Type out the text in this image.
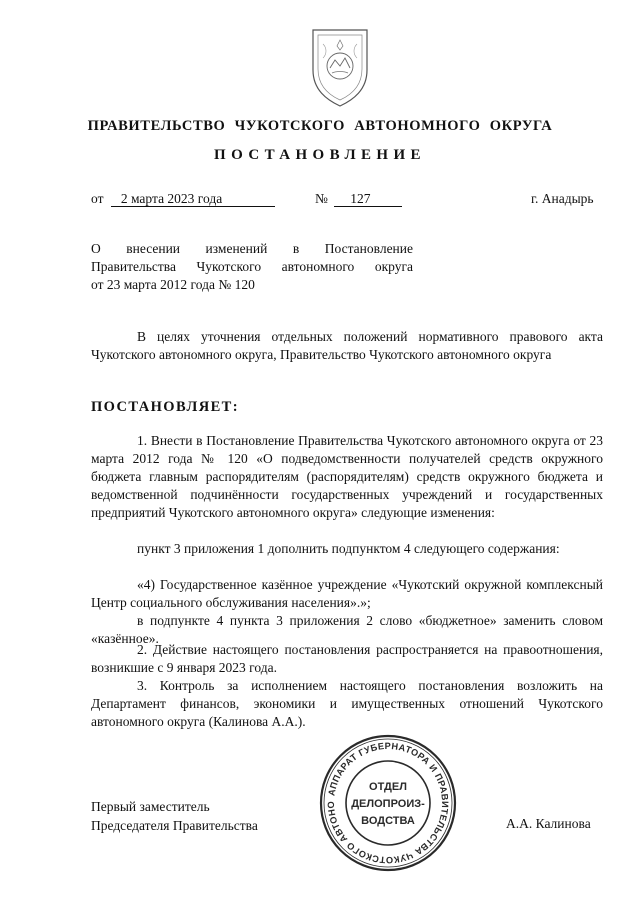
ПРАВИТЕЛЬСТВО ЧУКОТСКОГО АВТОНОМНОГО ОКРУГА
ПОСТАНОВЛЕНИЕ
от 2 марта 2023 года	№ 127	г. Анадырь
О внесении изменений в Постановление
Правительства Чукотского автономного округа
от 23 марта 2012 года № 120

В целях уточнения отдельных положений нормативного правового акта Чукотского автономного округа, Правительство Чукотского автономного округа

ПОСТАНОВЛЯЕТ:

1. Внести в Постановление Правительства Чукотского автономного округа от 23 марта 2012 года № 120 «О подведомственности получателей средств окружного бюджета главным распорядителям (распорядителям) средств окружного бюджета и ведомственной подчинённости государственных учреждений и государственных предприятий Чукотского автономного округа» следующие изменения:

пункт 3 приложения 1 дополнить подпунктом 4 следующего содержания:

«4) Государственное казённое учреждение «Чукотский окружной комплексный Центр социального обслуживания населения».»;

в подпункте 4 пункта 3 приложения 2 слово «бюджетное» заменить словом «казённое».

2. Действие настоящего постановления распространяется на правоотношения, возникшие с 9 января 2023 года.

3. Контроль за исполнением настоящего постановления возложить на Департамент финансов, экономики и имущественных отношений Чукотского автономного округа (Калинова А.А.).

Первый заместитель
Председателя Правительства	А.А. Калинова
АППАРАТ ГУБЕРНАТОРА И ПРАВИТЕЛЬСТВА ЧУКОТСКОГО АВТОНО
ОТДЕЛ
ДЕЛОПРОИЗ-
ВОДСТВА
